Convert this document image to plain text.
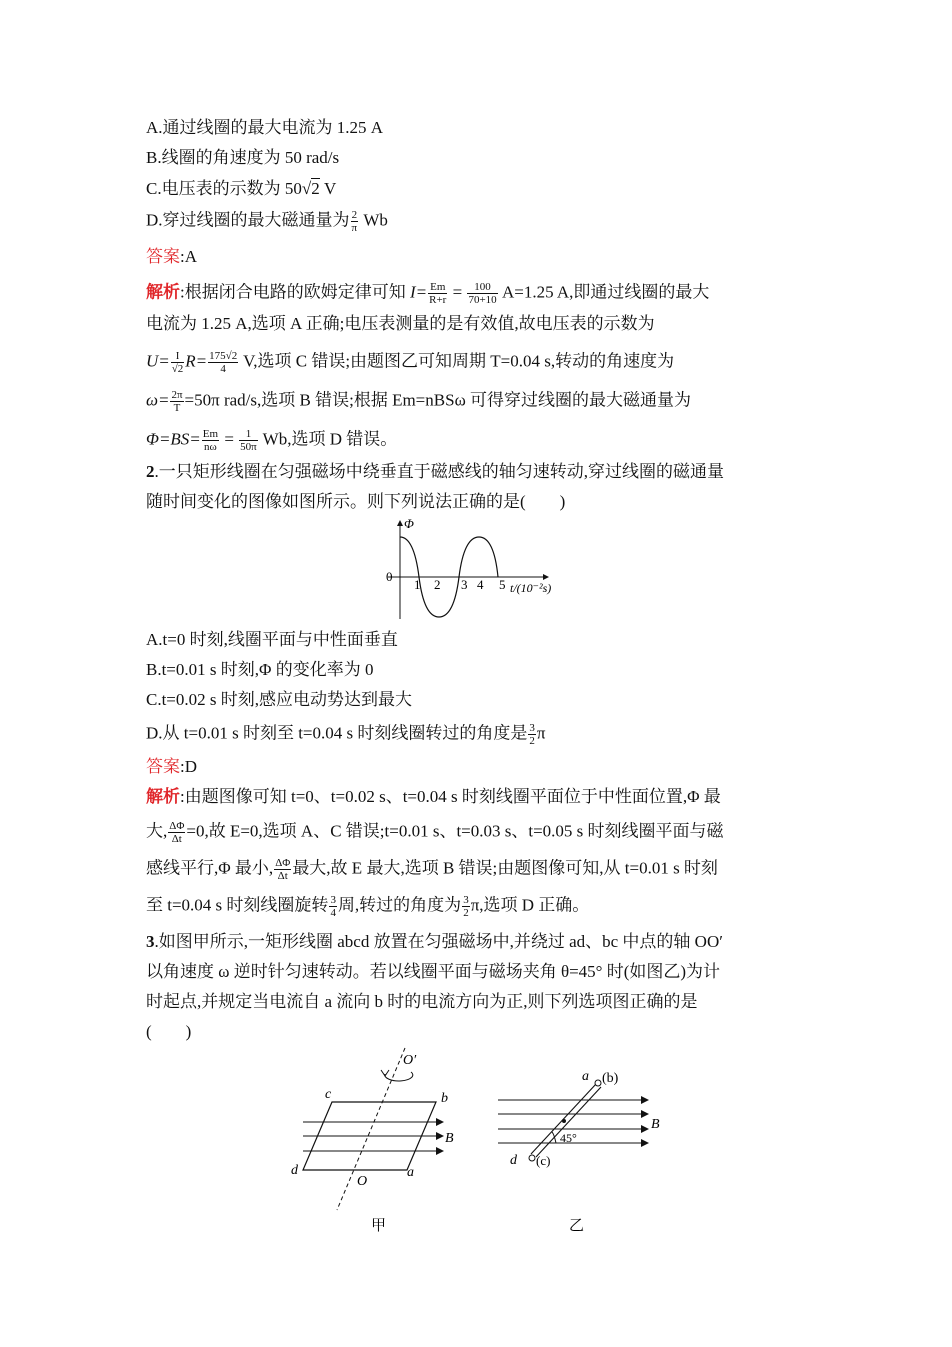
A.通过线圈的最大电流为 1.25 A
B.线圈的角速度为 50 rad/s
C.电压表的示数为 50√2 V
D.穿过线圈的最大磁通量为 $\frac{2}{\pi}$ Wb
答案:A
解析:根据闭合电路的欧姆定律可知 $I= \frac{Em}{R+r} = \frac{100}{70+10} A=1.25$ A,即通过线圈的最大
电流为 1.25 A,选项 A 正确;电压表测量的是有效值,故电压表的示数为
$U= \frac{I}{√2} R= \frac{175√2}{4} V$,选项 C 错误;由题图乙可知周期 T=0.04 s,转动的角速度为
$\omega= \frac{2\pi}{T} =50\pi$ rad/s,选项 B 错误;根据 Em=nBSω 可得穿过线圈的最大磁通量为
$\Phi=BS= \frac{Em}{n\omega} = \frac{1}{50\pi} Wb$,选项 D 错误。
2.一只矩形线圈在匀强磁场中绕垂直于磁感线的轴匀速转动,穿过线圈的磁通量
随时间变化的图像如图所示。则下列说法正确的是(　　)
Φ
0
1 2 3 4 5 t/(10⁻²s)
A.t=0 时刻,线圈平面与中性面垂直
B.t=0.01 s 时刻,Φ 的变化率为 0
C.t=0.02 s 时刻,感应电动势达到最大
D.从 t=0.01 s 时刻至 t=0.04 s 时刻线圈转过的角度是 $\frac{3}{2}$ π
答案:D
解析:由题图像可知 t=0、t=0.02 s、t=0.04 s 时刻线圈平面位于中性面位置,Φ 最
大, $\frac{\Delta\Phi}{\Delta t} =0$,故 E=0,选项 A、C 错误;t=0.01 s、t=0.03 s、t=0.05 s 时刻线圈平面与磁
感线平行,Φ 最小, $\frac{\Delta\Phi}{\Delta t}$ 最大,故 E 最大,选项 B 错误;由题图像可知,从 t=0.01 s 时刻
至 t=0.04 s 时刻线圈旋转 $\frac{3}{4}$ 周,转过的角度为 $\frac{3}{2} \pi$,选项 D 正确。
3.如图甲所示,一矩形线圈 abcd 放置在匀强磁场中,并绕过 ad、bc 中点的轴 OO′
以角速度 ω 逆时针匀速转动。若以线圈平面与磁场夹角 θ=45° 时(如图乙)为计
时起点,并规定当电流自 a 流向 b 时的电流方向为正,则下列选项图正确的是
(　　)
O′
b
c
B
d
O
a
甲
a (b)
B
45°
d (c)
乙
